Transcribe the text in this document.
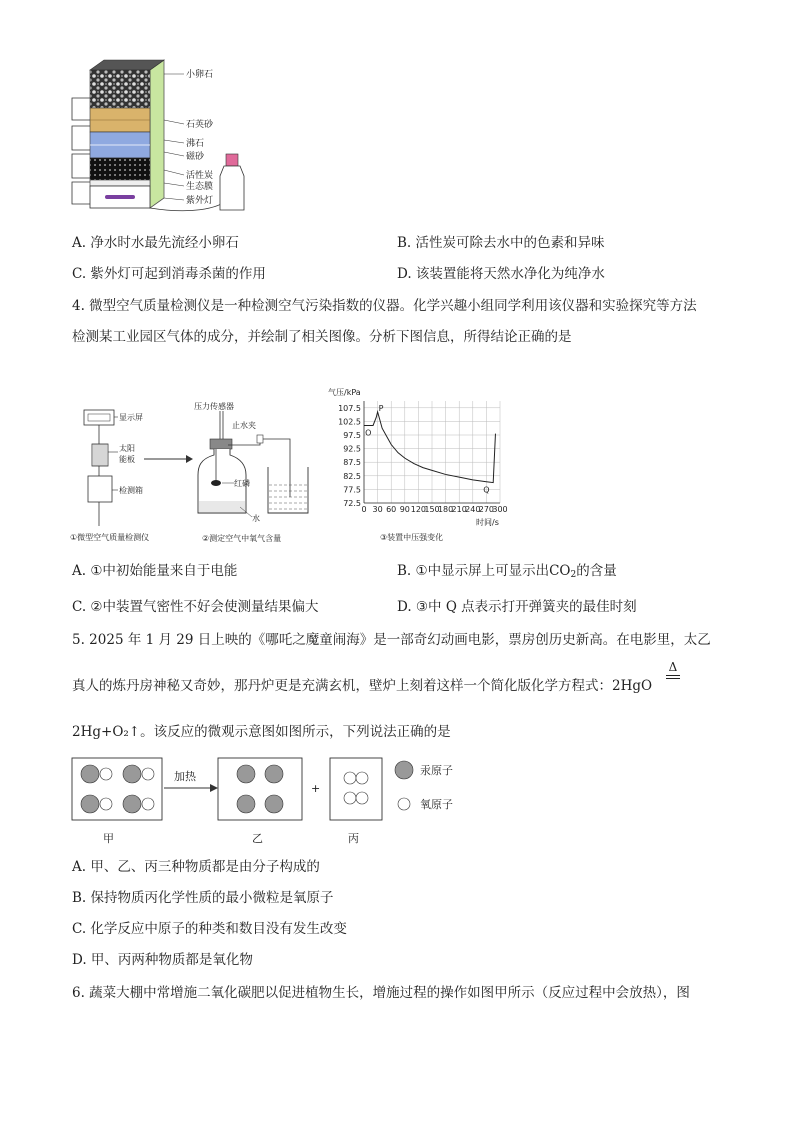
小卵石
石英砂
沸石
磁砂
活性炭
生态膜
紫外灯
A. 净水时水最先流经小卵石	B. 活性炭可除去水中的色素和异味
C. 紫外灯可起到消毒杀菌的作用	D. 该装置能将天然水净化为纯净水
4. 微型空气质量检测仪是一种检测空气污染指数的仪器。化学兴趣小组同学利用该仪器和实验探究等方法
检测某工业园区气体的成分，并绘制了相关图像。分析下图信息，所得结论正确的是
显示屏
太阳
能板
检测箱
①微型空气质量检测仪
压力传感器
止水夹
红磷
水
②测定空气中氧气含量
107.5
102.5
97.5
92.5
87.5
82.5
77.5
72.5
0 30 60 90 120
150
180
210
240
270
300
O
P
Q
气压/kPa
时间/s
③装置中压强变化
A. ①中初始能量来自于电能	B. ①中显示屏上可显示出$CO_2$的含量
C. ②中装置气密性不好会使测量结果偏大	D. ③中 Q 点表示打开弹簧夹的最佳时刻
5. 2025 年 1 月 29 日上映的《哪吒之魔童闹海》是一部奇幻动画电影，票房创历史新高。在电影里，太乙
真人的炼丹房神秘又奇妙，那丹炉更是充满玄机，壁炉上刻着这样一个简化版化学方程式：2HgO
Δ
2Hg+O₂↑。该反应的微观示意图如图所示，下列说法正确的是
加热
+
汞原子
氧原子
甲	乙	丙
A. 甲、乙、丙三种物质都是由分子构成的
B. 保持物质丙化学性质的最小微粒是氧原子
C. 化学反应中原子的种类和数目没有发生改变
D. 甲、丙两种物质都是氧化物
6. 蔬菜大棚中常增施二氧化碳肥以促进植物生长，增施过程的操作如图甲所示（反应过程中会放热），图
